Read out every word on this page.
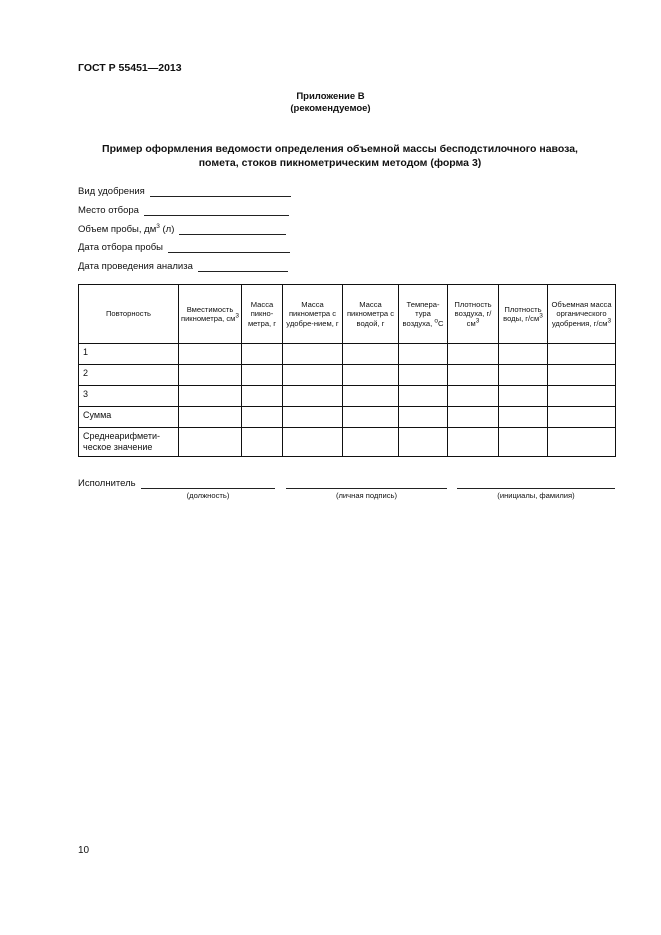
ГОСТ Р 55451—2013
Приложение В
(рекомендуемое)
Пример оформления ведомости определения объемной массы бесподстилочного навоза,
помета, стоков пикнометрическим методом (форма 3)
Вид удобрения
Место отбора
Объем пробы, $дм^3$ (л)
Дата отбора пробы
Дата проведения анализа
Повторность	Вместимость пикнометра, $см^3$	Масса пикно-метра, г	Масса пикнометра с удобре-нием, г	Масса пикнометра с водой, г	Темпера-тура воздуха, $^о$С	Плотность воздуха, $г/см^3$	Плотность воды, $г/см^3$	Объемная масса органического удобрения, $г/см^3$
1								
2								
3								
Сумма								
Среднеарифмети-ческое значение								
Исполнитель
(должность)	(личная подпись)	(инициалы, фамилия)
10
